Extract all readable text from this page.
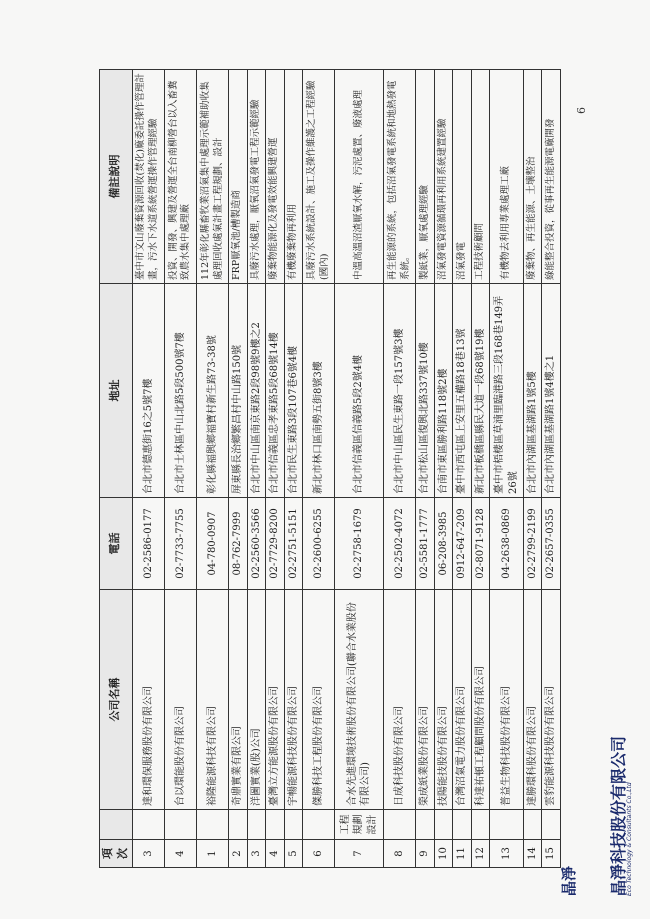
項次		公司名稱	電話	地址	備註說明
3		達和環保服務股份有限公司	02-2586-0177	台北市德惠街16之5號7樓	臺中市文山廢棄資源回收(焚化)廠委託操作管理計畫，污水下水道系統營運操作管理經驗
4		台以環能股份有限公司	02-7733-7755	台北市士林區中山北路5段500號7樓	投資、開發、興建及營運全台南柳營台以入畜糞致農水集中處理廠
1		裕隆能源科技有限公司	04-780-0907	彰化縣福興鄉福寶村新生路73-38號	112年彰化縣畜牧業沼氣集中處理示範補助收集處理回收處氣計畫工程規劃、設計
2		奇鼎實業有限公司	08-762-7999	屏東縣長治鄉繁昌村中山路150號	FRP厭氧池/槽製造商
3		洋圖實業(股)公司	02-2560-3566	台北市中山區南京東路2段98號9樓之2	具廢污水處理，厭氧沼氣發電工程示範經驗
4		臺灣立方能源股份有限公司	02-7729-8200	台北市信義區忠孝東路5段68號14樓	廢棄物能源化及發電效能興建營運
5		宇暢能源科技股份有限公司	02-2751-5151	台北市民生東路3段107巷6號4樓	有機廢棄物再利用
6		傑勝科技工程股份有限公司	02-2600-6255	新北市林口區南勢五街8號3樓	具廢污水系統設計、施工及操作維護之工程經驗(國內)
7	工程規劃設計	合水先進環境技術股份有限公司(聯合水業股份有限公司)	02-2758-1679	台北市信義區信義路5段2號4樓	中溫高溫沼渣厭氧水解，污泥處置、廢液處理
8		日成科技股份有限公司	02-2502-4072	台北市中山區民生東路一段157號3樓	再生能源的系統，包括沼氣發電系統和地熱發電系統。
9		榮成紙業股份有限公司	02-5581-1777	台北市松山區復興北路337號10樓	製紙業，厭氧處理經驗
10		技陽能技股份有限公司	06-208-3985	台南市東區勝利路118號2樓	沼氣發電資源循環再利用系統建置經驗
11		台灣沼氣電力股份有限公司	0912-647-209	臺中市西屯區上安里五權路18巷13號	沼氣發電
12		科達祐頓工程顧問股份有限公司	02-8071-9128	新北市板橋區縣民大道一段68號19樓	工程技術顧問
13		普益生物科技股份有限公司	04-2638-0869	臺中市梧棲區草湳里臨港路三段168巷149弄26號	有機物去利用專業處理工廠
14		達勝環科股份有限公司	02-2799-2199	台北市內湖區基湖路1號5樓	廢棄物、再生能源、土壤整治
15		雲豹能源科技股份有限公司	02-2657-0355	台北市內湖區基湖路1號4樓之1	綠能整合投資，從事再生能源電廠開發
6
晶淨 晶淨科技股份有限公司
Eco Technology & Consultants Co.,Ltd
